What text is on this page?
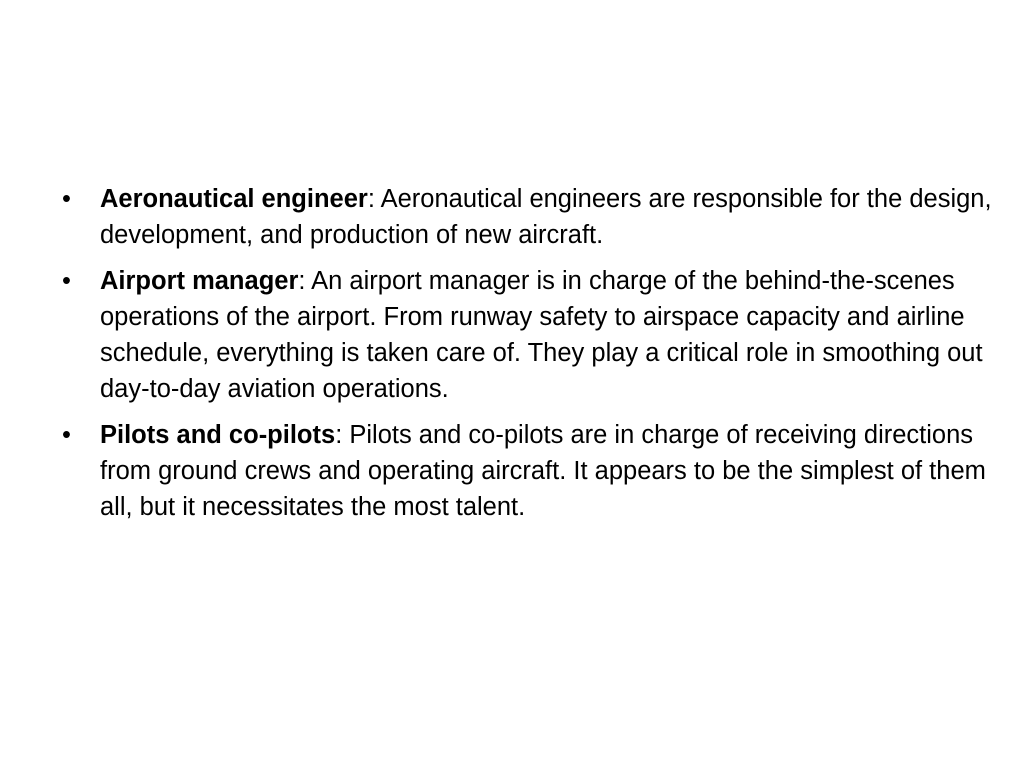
•	Aeronautical engineer: Aeronautical engineers are responsible for the design, development, and production of new aircraft.
•	Airport manager: An airport manager is in charge of the behind-the-scenes operations of the airport. From runway safety to airspace capacity and airline schedule, everything is taken care of. They play a critical role in smoothing out day-to-day aviation operations.
•	Pilots and co-pilots: Pilots and co-pilots are in charge of receiving directions from ground crews and operating aircraft. It appears to be the simplest of them all, but it necessitates the most talent.
